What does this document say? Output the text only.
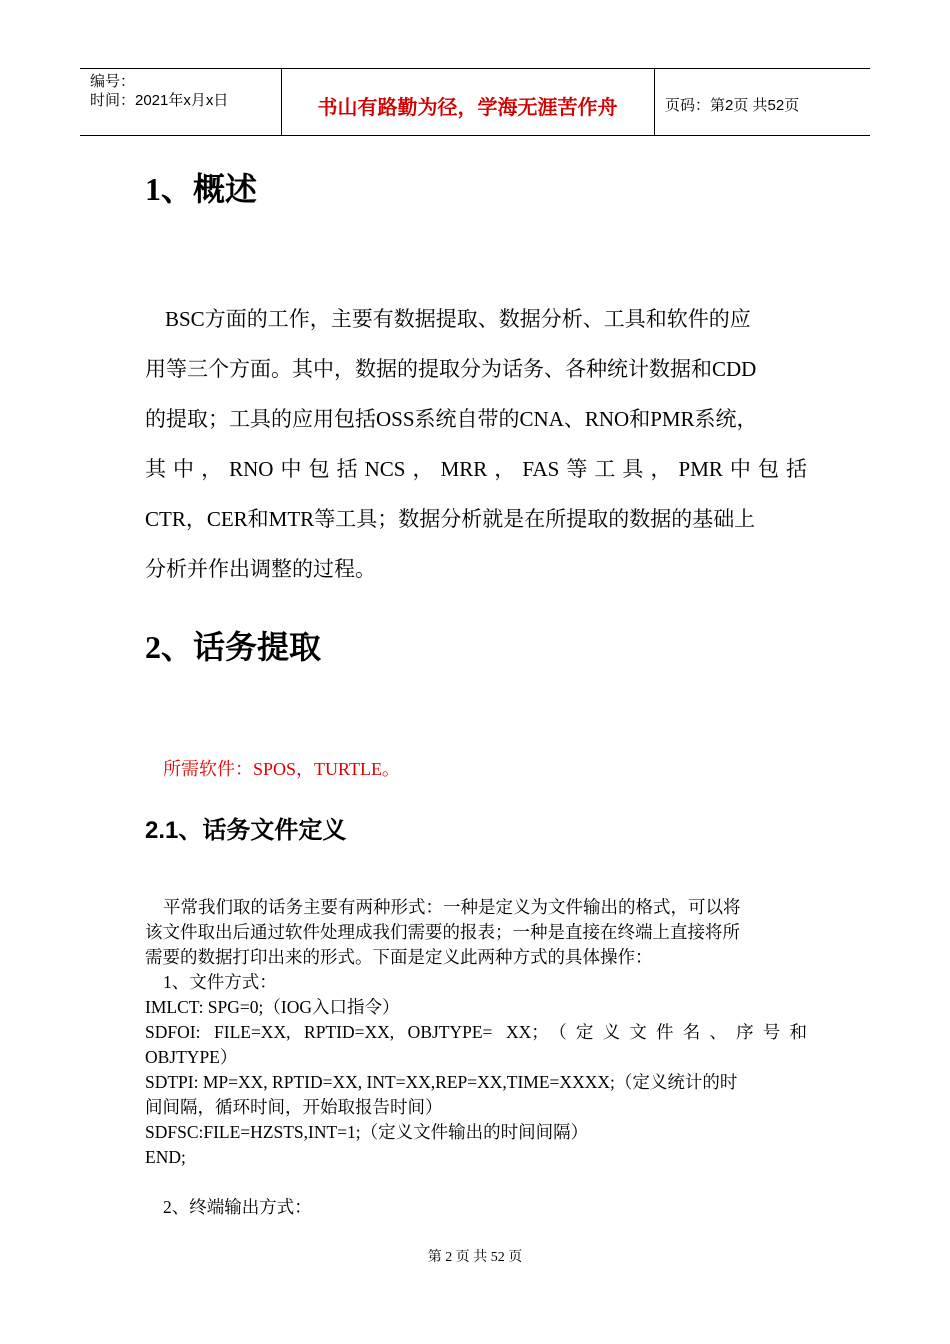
编号：
时间：2021年x月x日	书山有路勤为径，学海无涯苦作舟	页码：第2页 共52页
1、概述

BSC方面的工作，主要有数据提取、数据分析、工具和软件的应

用等三个方面。其中，数据的提取分为话务、各种统计数据和CDD

的提取；工具的应用包括OSS系统自带的CNA、RNO和PMR系统，

其中，RNO中包括NCS，MRR，FAS等工具，PMR中包括

CTR，CER和MTR等工具；数据分析就是在所提取的数据的基础上

分析并作出调整的过程。

2、话务提取
所需软件：SPOS，TURTLE。
2.1、话务文件定义

平常我们取的话务主要有两种形式：一种是定义为文件输出的格式，可以将

该文件取出后通过软件处理成我们需要的报表；一种是直接在终端上直接将所

需要的数据打印出来的形式。下面是定义此两种方式的具体操作：

1、文件方式：

IMLCT: SPG=0;（IOG入口指令）

SDFOI: FILE=XX, RPTID=XX, OBJTYPE= XX；（定义文件名、序号和

OBJTYPE）

SDTPI: MP=XX, RPTID=XX, INT=XX,REP=XX,TIME=XXXX;（定义统计的时

间间隔，循环时间，开始取报告时间）

SDFSC:FILE=HZSTS,INT=1;（定义文件输出的时间间隔）

END;

2、终端输出方式：

第 2 页 共 52 页
